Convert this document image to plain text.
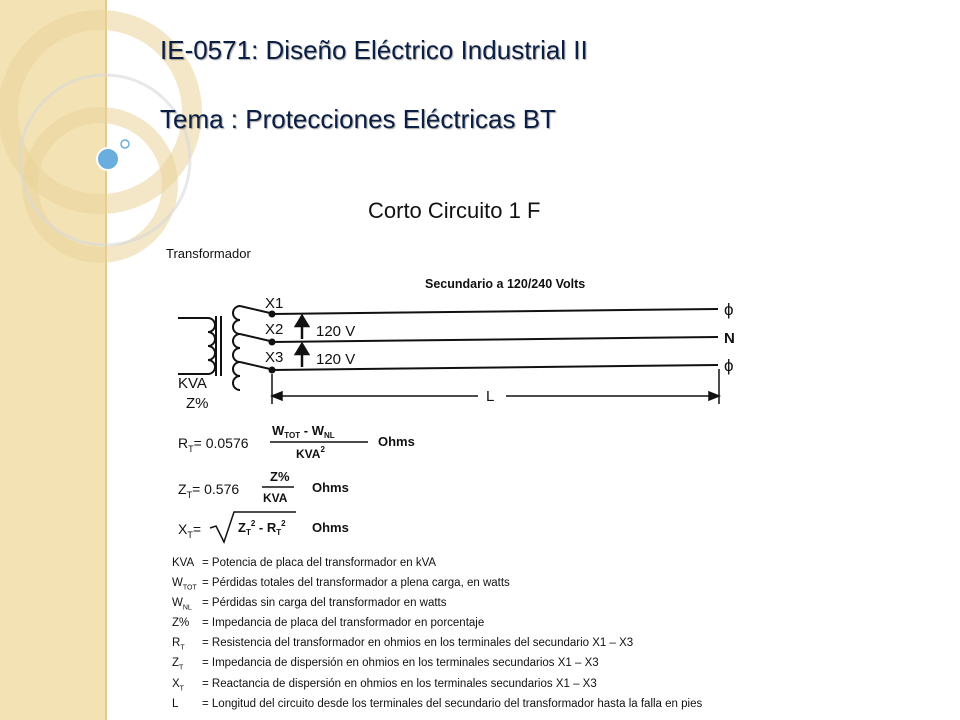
IE-0571: Diseño Eléctrico Industrial II
Tema : Protecciones Eléctricas BT
Corto Circuito 1 F
Transformador
Secundario a 120/240 Volts
X1
X2
X3
120 V
120 V
ϕ
N
ϕ
L
KVA
Z%
$R_T= 0.0576$
$W_{TOT} - W_{NL}$
KVA$^2$
Ohms
$Z_T= 0.576$
Z%
KVA
Ohms
$X_T=$	$Z_T^2 - R_T^2$ Ohms
KVA = Potencia de placa del transformador en kVA
$W_{TOT}$ = Pérdidas totales del transformador a plena carga, en watts
$W_{NL}$ = Pérdidas sin carga del transformador en watts
Z%	= Impedancia de placa del transformador en porcentaje
$R_T$	= Resistencia del transformador en ohmios en los terminales del secundario X1 – X3
$Z_T$	= Impedancia de dispersión en ohmios en los terminales secundarios X1 – X3
$X_T$	= Reactancia de dispersión en ohmios en los terminales secundarios X1 – X3
L	= Longitud del circuito desde los terminales del secundario del transformador hasta la falla en pies
